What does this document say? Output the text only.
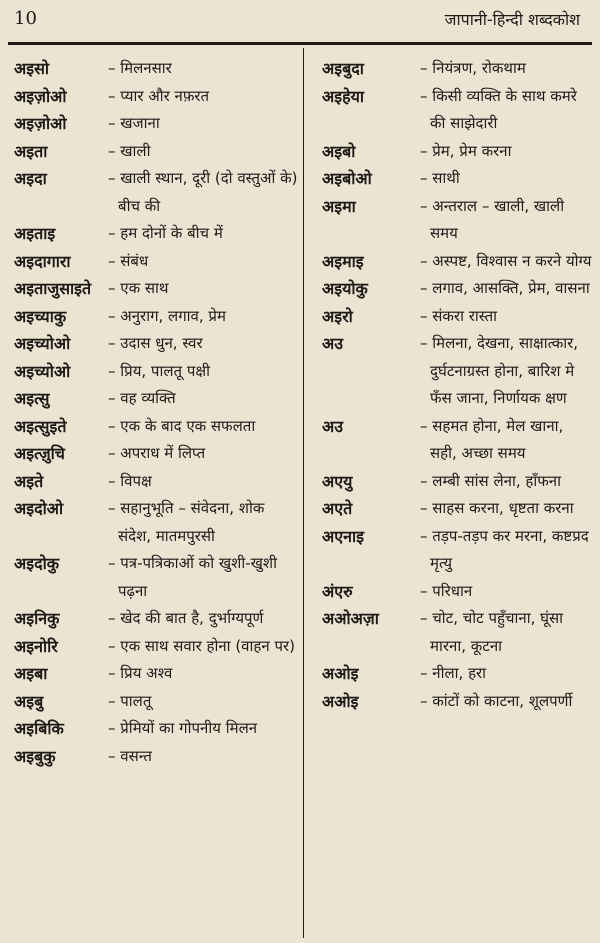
10	जापानी-हिन्दी शब्दकोश
अइसो	– मिलनसार
अइज़ोओ	– प्यार और नफ़रत
अइज़ोओ	– खजाना
अइता	– खाली
अइदा	– खाली स्थान, दूरी (दो वस्तुओं के) बीच की
अइताइ	– हम दोनों के बीच में
अइदागारा – संबंध
अइताजुसाइते – एक साथ
अइच्याकु	– अनुराग, लगाव, प्रेम
अइच्योओ	– उदास धुन, स्वर
अइच्योओ	– प्रिय, पालतू पक्षी
अइत्सु	– वह व्यक्ति
अइत्सुइते	– एक के बाद एक सफलता
अइत्ज़ुचि	– अपराध में लिप्त
अइते	– विपक्ष
अइदोओ	– सहानुभूति – संवेदना, शोक संदेश, मातमपुरसी
अइदोकु	– पत्र-पत्रिकाओं को खुशी-खुशी पढ़ना
अइनिकु	– खेद की बात है, दुर्भाग्यपूर्ण
अइनोरि	– एक साथ सवार होना (वाहन पर)
अइबा	– प्रिय अश्व
अइबु	– पालतू
अइबिकि	– प्रेमियों का गोपनीय मिलन
अइबुकु	– वसन्त
अइबुदा	– नियंत्रण, रोकथाम
अइहेया	– किसी व्यक्ति के साथ कमरे की साझेदारी
अइबो	– प्रेम, प्रेम करना
अइबोओ	– साथी
अइमा	– अन्तराल – खाली, खाली समय
अइमाइ	– अस्पष्ट, विश्वास न करने योग्य
अइयोकु	– लगाव, आसक्ति, प्रेम, वासना
अइरो	– संकरा रास्ता
अउ	– मिलना, देखना, साक्षात्कार, दुर्घटनाग्रस्त होना, बारिश मे फँस जाना, निर्णायक क्षण
अउ	– सहमत होना, मेल खाना, सही, अच्छा समय
अएयु	– लम्बी सांस लेना, हाँफना
अएते	– साहस करना, धृष्टता करना
अएनाइ	– तड़प-तड़प कर मरना, कष्टप्रद मृत्यु
अंएरु	– परिधान
अओअज़ा	– चोट, चोट पहुँचाना, घूंसा मारना, कूटना
अओइ	– नीला, हरा
अओइ	– कांटों को काटना, शूलपर्णी
